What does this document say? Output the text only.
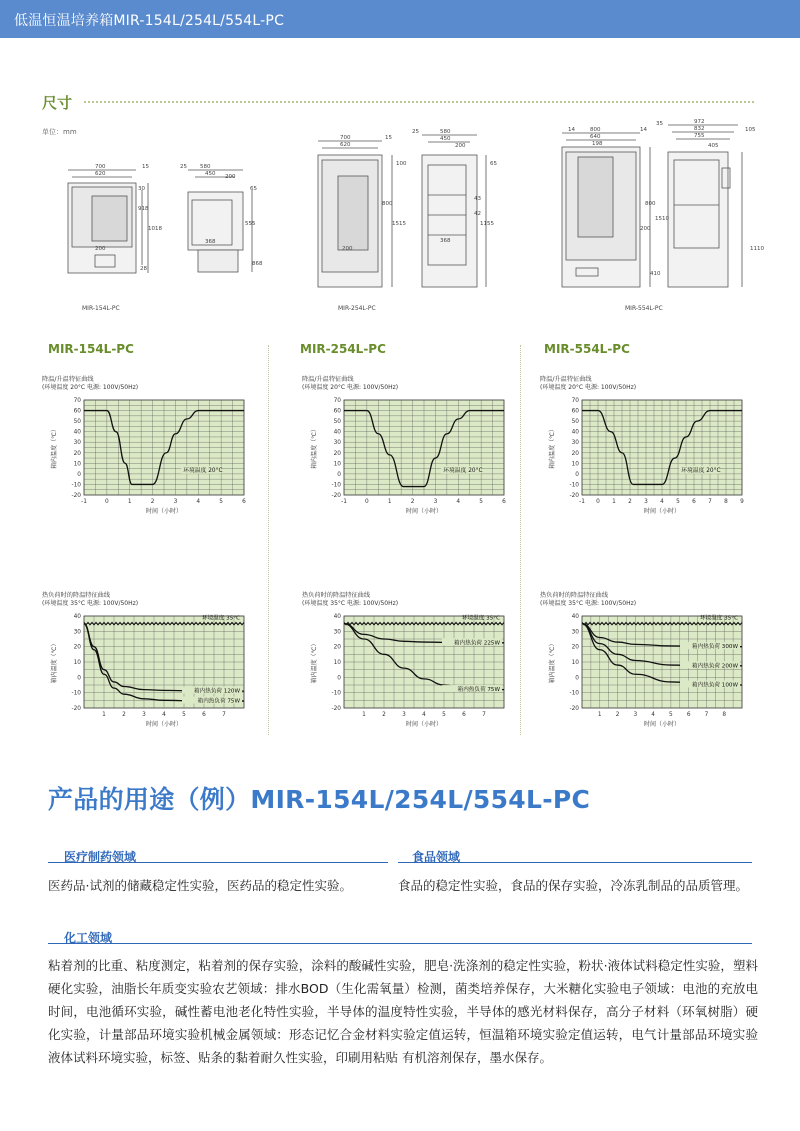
低温恒温培养箱MIR-154L/254L/554L-PC
尺寸
单位：mm
700
620
15
918
1018
30
200
28
25 580
450 200
65
555
368
868
700
620
15
800
1515
200
100
25	580
450
200
65
1155
43
42
368
14	800
640
198
14
800
1510
200
410
35	972
832
755
405
105
1110
MIR-154L-PC	MIR-254L-PC	MIR-554L-PC
MIR-154L-PC	MIR-254L-PC	MIR-554L-PC
降温/升温特征曲线
(环境温度 20°C 电源: 100V/50Hz)
70
60
50
40
30
20
10
0
-10
-20
-1	0	1	2	3	4	5	6
箱内温度（℃）
时间（小时）
环境温度 20°C
降温/升温特征曲线
(环境温度 20°C 电源: 100V/50Hz)
70
60
50
40
30
20
10
0
-10
-20
-1	0	1	2	3	4	5	6
箱内温度（℃）
时间（小时）
环境温度 20°C
降温/升温特征曲线
(环境温度 20°C 电源: 100V/50Hz)
70
60
50
40
30
20
10
0
-10
-20
-1 0 1 2 3 4 5 6 7 8 9
箱内温度（℃）
时间（小时）
环境温度 20°C
热负荷时的降温特征曲线
(环境温度 35°C 电源: 100V/50Hz)
40
30
20
10
0
-10
-20
1	2	3	4	5	6	7
箱内温度（℃）
时间（小时）
环境温度 35°C
箱内热负荷 120W
箱内热负荷 75W
热负荷时的降温特征曲线
(环境温度 35°C 电源: 100V/50Hz)
40
30
20
10
0
-10
-20
1	2	3	4	5	6	7
箱内温度（℃）
时间（小时）
环境温度 35°C
箱内热负荷 225W
箱内热负荷 75W
热负荷时的降温特征曲线
(环境温度 35°C 电源: 100V/50Hz)
40
30
20
10
0
-10
-20
1 2 3 4 5 6 7 8
箱内温度（℃）
时间（小时）
环境温度 35°C
箱内热负荷 300W
箱内热负荷 200W
箱内热负荷 100W
产品的用途（例）MIR-154L/254L/554L-PC
医疗制药领域
医药品·试剂的储藏稳定性实验，医药品的稳定性实验。
食品领域
食品的稳定性实验，食品的保存实验，冷冻乳制品的品质管理。
化工领域
粘着剂的比重、粘度测定，粘着剂的保存实验，涂料的酸碱性实验，肥皂·洗涤剂的稳定性实验，粉状·液体试料稳定性实验，塑料硬化实验，油脂长年质变实验农艺领域：排水BOD（生化需氧量）检测，菌类培养保存，大米糖化实验电子领域：电池的充放电时间，电池循环实验，碱性蓄电池老化特性实验，半导体的温度特性实验，半导体的感光材料保存，高分子材料（环氧树脂）硬化实验，计量部品环境实验机械金属领域：形态记忆合金材料实验定值运转，恒温箱环境实验定值运转，电气计量部品环境实验液体试料环境实验，标签、贴条的黏着耐久性实验，印刷用粘贴 有机溶剂保存，墨水保存。
